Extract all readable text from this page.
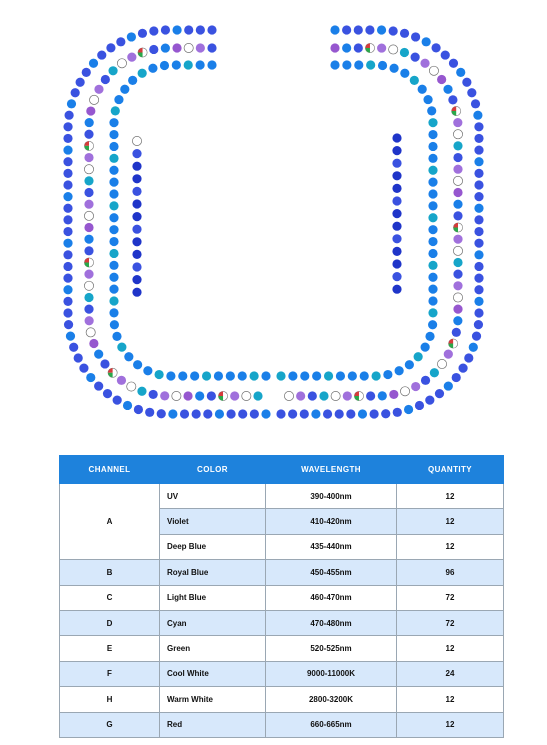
CHANNEL	COLOR	WAVELENGTH	QUANTITY
A	UV	390-400nm	12
	Violet	410-420nm	12
	Deep Blue	435-440nm	12
B	Royal Blue	450-455nm	96
C	Light Blue	460-470nm	72
D	Cyan	470-480nm	72
E	Green	520-525nm	12
F	Cool White	9000-11000K	24
H	Warm White	2800-3200K	12
G	Red	660-665nm	12
